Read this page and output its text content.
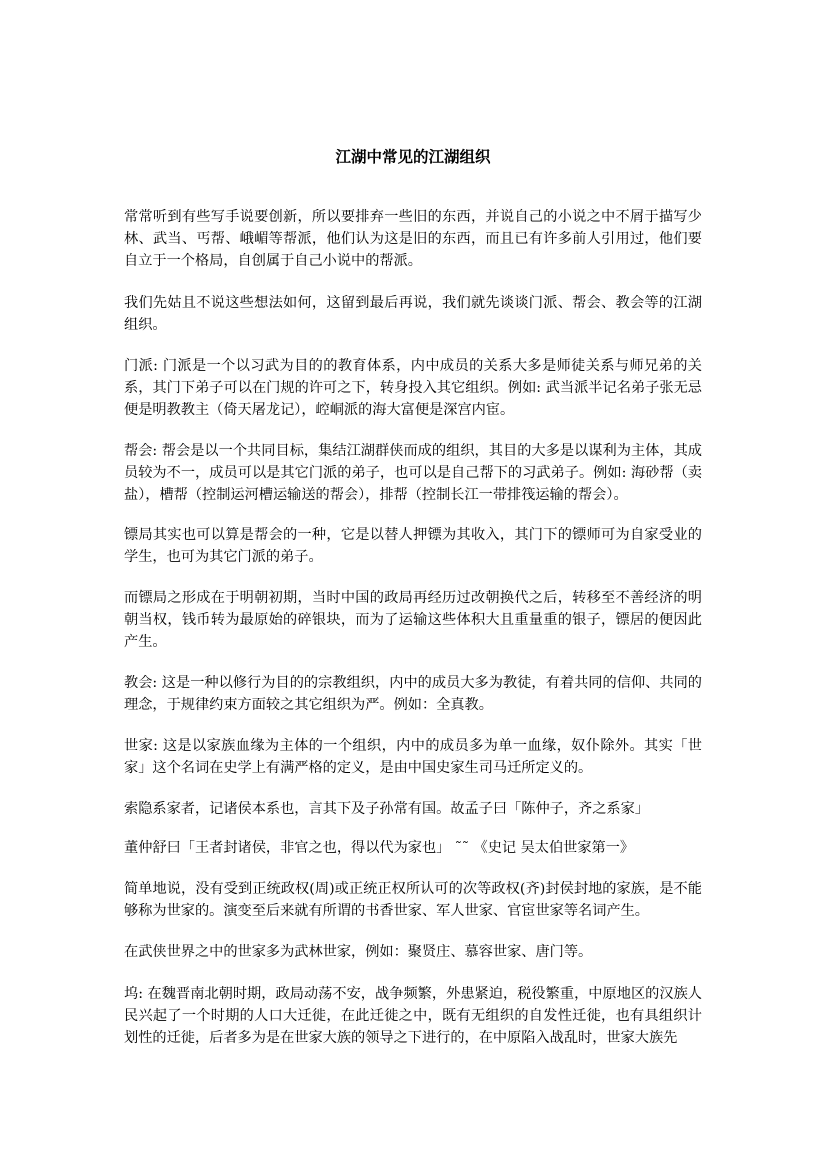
江湖中常见的江湖组织

常常听到有些写手说要创新，所以要排弃一些旧的东西，并说自己的小说之中不屑于描写少林、武当、丐帮、峨嵋等帮派，他们认为这是旧的东西，而且已有许多前人引用过，他们要自立于一个格局，自创属于自己小说中的帮派。

我们先姑且不说这些想法如何，这留到最后再说，我们就先谈谈门派、帮会、教会等的江湖组织。

门派: 门派是一个以习武为目的的教育体系，内中成员的关系大多是师徒关系与师兄弟的关系，其门下弟子可以在门规的许可之下，转身投入其它组织。例如: 武当派半记名弟子张无忌便是明教教主（倚天屠龙记），崆峒派的海大富便是深宫内宦。

帮会: 帮会是以一个共同目标，集结江湖群侠而成的组织，其目的大多是以谋利为主体，其成员较为不一，成员可以是其它门派的弟子，也可以是自己帮下的习武弟子。例如: 海砂帮（卖盐），槽帮（控制运河槽运输送的帮会），排帮（控制长江一带排筏运输的帮会）。

镖局其实也可以算是帮会的一种，它是以替人押镖为其收入，其门下的镖师可为自家受业的学生，也可为其它门派的弟子。

而镖局之形成在于明朝初期，当时中国的政局再经历过改朝换代之后，转移至不善经济的明朝当权，钱币转为最原始的碎银块，而为了运输这些体积大且重量重的银子，镖居的便因此产生。

教会: 这是一种以修行为目的的宗教组织，内中的成员大多为教徒，有着共同的信仰、共同的理念，于规律约束方面较之其它组织为严。例如：全真教。

世家: 这是以家族血缘为主体的一个组织，内中的成员多为单一血缘，奴仆除外。其实「世家」这个名词在史学上有满严格的定义，是由中国史家生司马迁所定义的。

索隐系家者，记诸侯本系也，言其下及子孙常有国。故孟子曰「陈仲子，齐之系家」

董仲舒曰「王者封诸侯，非官之也，得以代为家也」 ˜˜ 《史记 吴太伯世家第一》

简单地说，没有受到正统政权(周)或正统正权所认可的次等政权(齐)封侯封地的家族，是不能够称为世家的。演变至后来就有所谓的书香世家、军人世家、官宦世家等名词产生。

在武侠世界之中的世家多为武林世家，例如：聚贤庄、慕容世家、唐门等。

坞: 在魏晋南北朝时期，政局动荡不安，战争频繁，外患紧迫，税役繁重，中原地区的汉族人民兴起了一个时期的人口大迁徙，在此迁徙之中，既有无组织的自发性迁徙，也有具组织计划性的迁徙，后者多为是在世家大族的领导之下进行的，在中原陷入战乱时，世家大族先
